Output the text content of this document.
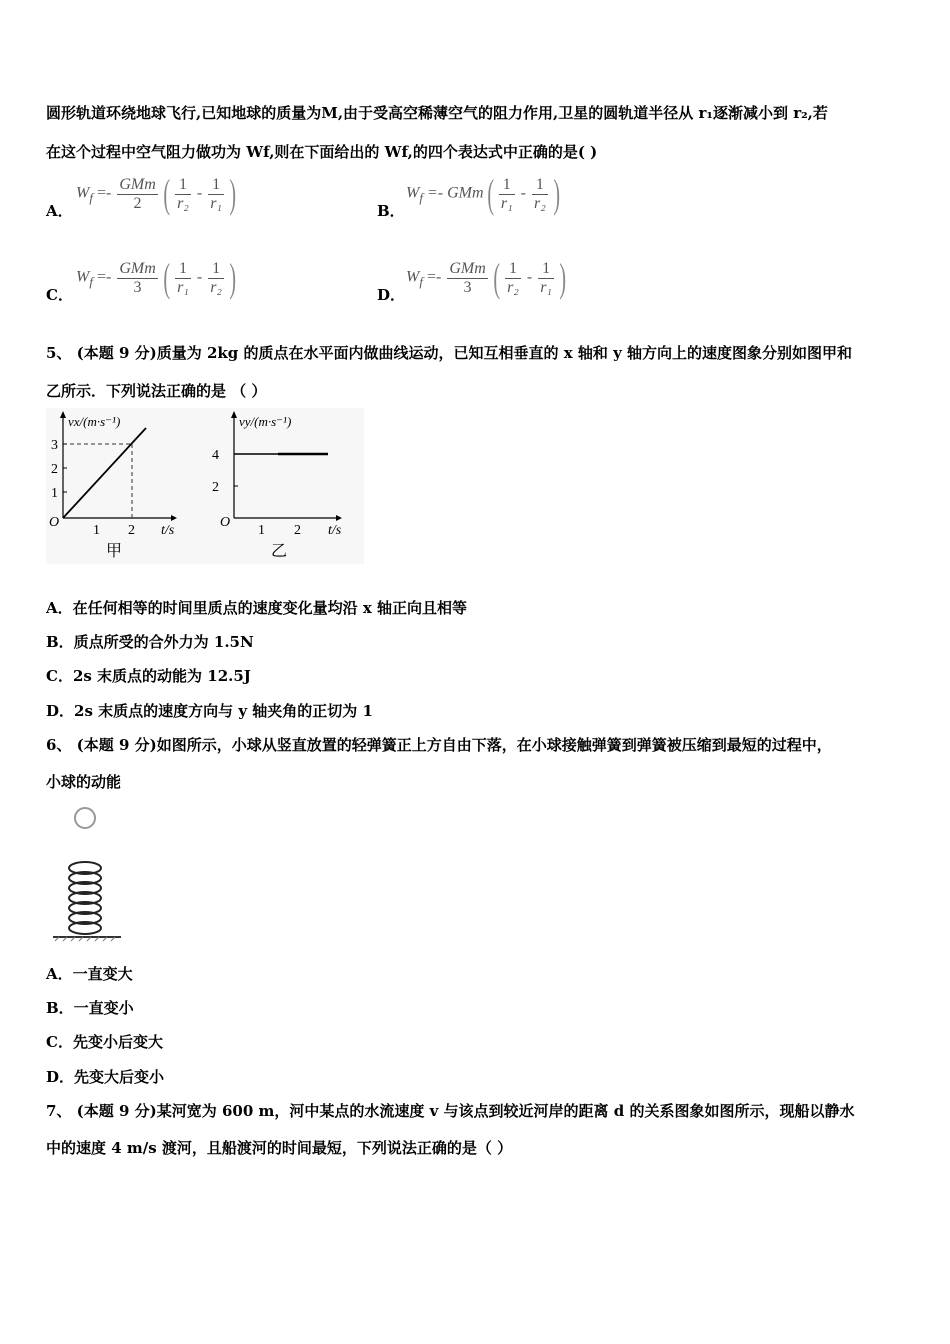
圆形轨道环绕地球飞行,已知地球的质量为M,由于受高空稀薄空气的阻力作用,卫星的圆轨道半径从 r₁逐渐减小到 r₂,若
在这个过程中空气阻力做功为 Wf,则在下面给出的 Wf,的四个表达式中正确的是( )
A．
$W_f =- \frac{\text{GMm}}{2}$ ( $\frac{1}{\text{r₂}} - \frac{1}{\text{r₁}}$ )	B．
$W_f =- GMm( \frac{1}{\text{r₁}} - \frac{1}{\text{r₂}}$ )
C．
$W_f =- \frac{\text{GMm}}{3}$ ( $\frac{1}{\text{r₁}} - \frac{1}{\text{r₂}}$ )	D．
$W_f =- \frac{\text{GMm}}{3}$ ( $\frac{1}{\text{r₂}} - \frac{1}{\text{r₁}}$ )
5、 (本题 9 分)质量为 2kg 的质点在水平面内做曲线运动，已知互相垂直的 x 轴和 y 轴方向上的速度图象分别如图甲和
乙所示．下列说法正确的是 （ ）
vx/(m·s⁻¹)
3
2
1
O
1 2 t/s
甲
vy/(m·s⁻¹)
4
2
O
1 2 t/s
乙
A．在任何相等的时间里质点的速度变化量均沿 x 轴正向且相等
B．质点所受的合外力为 1.5N
C．2s 末质点的动能为 12.5J
D．2s 末质点的速度方向与 y 轴夹角的正切为 1
6、 (本题 9 分)如图所示，小球从竖直放置的轻弹簧正上方自由下落，在小球接触弹簧到弹簧被压缩到最短的过程中，
小球的动能
A．一直变大
B．一直变小
C．先变小后变大
D．先变大后变小
7、 (本题 9 分)某河宽为 600 m，河中某点的水流速度 v 与该点到较近河岸的距离 d 的关系图象如图所示，现船以静水
中的速度 4 m/s 渡河，且船渡河的时间最短，下列说法正确的是（ ）
